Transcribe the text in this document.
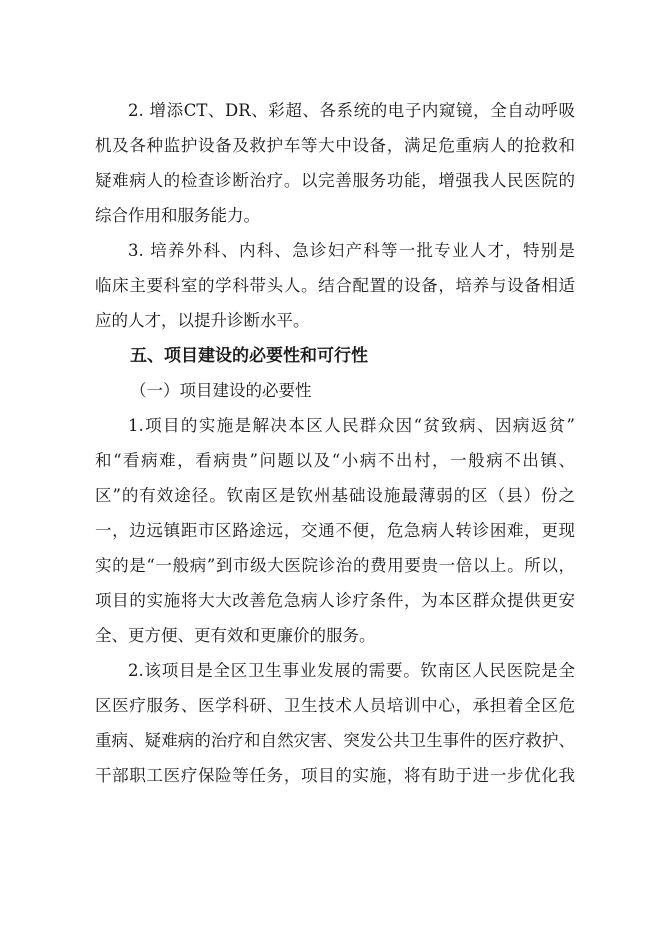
2. 增添CT、DR、彩超、各系统的电子内窥镜，全自动呼吸
机及各种监护设备及救护车等大中设备，满足危重病人的抢救和
疑难病人的检查诊断治疗。以完善服务功能，增强我人民医院的
综合作用和服务能力。
3. 培养外科、内科、急诊妇产科等一批专业人才，特别是
临床主要科室的学科带头人。结合配置的设备，培养与设备相适
应的人才，以提升诊断水平。
五、项目建设的必要性和可行性
（一）项目建设的必要性
1.项目的实施是解决本区人民群众因“贫致病、因病返贫”
和“看病难，看病贵”问题以及“小病不出村，一般病不出镇、
区”的有效途径。钦南区是钦州基础设施最薄弱的区（县）份之
一，边远镇距市区路途远，交通不便，危急病人转诊困难，更现
实的是“一般病”到市级大医院诊治的费用要贵一倍以上。所以，
项目的实施将大大改善危急病人诊疗条件，为本区群众提供更安
全、更方便、更有效和更廉价的服务。
2.该项目是全区卫生事业发展的需要。钦南区人民医院是全
区医疗服务、医学科研、卫生技术人员培训中心，承担着全区危
重病、疑难病的治疗和自然灾害、突发公共卫生事件的医疗救护、
干部职工医疗保险等任务，项目的实施，将有助于进一步优化我
